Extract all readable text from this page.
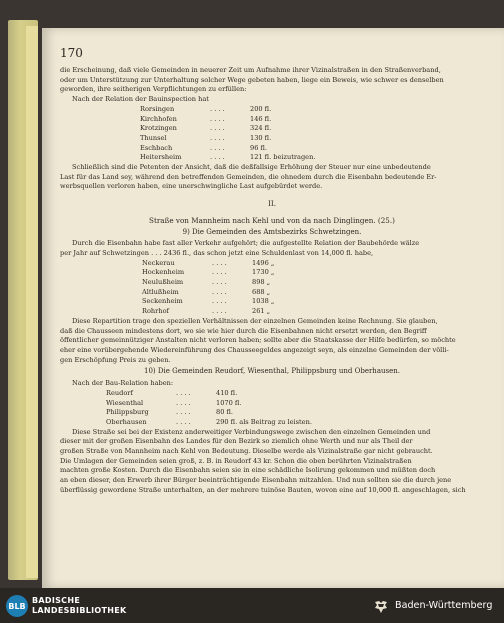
170

die Erscheinung, daß viele Gemeinden in neuerer Zeit um Aufnahme ihrer Vizinalstraßen in den Straßenverband,

oder um Unterstützung zur Unterhaltung solcher Wege gebeten haben, liege ein Beweis, wie schwer es denselben

geworden, ihre seitherigen Verpflichtungen zu erfüllen:

Nach der Relation der Bauinspection hat

Rorsingen	. . . .	200 fl.
Kirchhofen	. . . .	146 fl.
Krotzingen	. . . .	324 fl.
Thunsel	. . . .	130 fl.
Eschbach	. . . .	96 fl.
Heitersheim	. . . .	121 fl. beizutragen.

Schließlich sind die Petenten der Ansicht, daß die deßfallsige Erhöhung der Steuer nur eine unbedeutende

Last für das Land sey, während den betreffenden Gemeinden, die ohnedem durch die Eisenbahn bedeutende Er-

werbsquellen verloren haben, eine unerschwingliche Last aufgebürdet werde.

II.
Straße von Mannheim nach Kehl und von da nach Dinglingen. (25.)
9) Die Gemeinden des Amtsbezirks Schwetzingen.

Durch die Eisenbahn habe fast aller Verkehr aufgehört; die aufgestellte Relation der Baubehörde wälze

per Jahr auf Schwetzingen . . . 2436 fl., das schon jetzt eine Schuldenlast von 14,000 fl. habe,

Neckerau	. . . .	1496 „
Hockenheim	. . . .	1730 „
Neulußheim	. . . .	898 „
Altlußheim	. . . .	688 „
Seckenheim	. . . .	1038 „
Rohrhof	. . . .	261 „

Diese Repartition trage den speziellen Verhältnissen der einzelnen Gemeinden keine Rechnung. Sie glauben,

daß die Chausseen mindestens dort, wo sie wie hier durch die Eisenbahnen nicht ersetzt werden, den Begriff

öffentlicher gemeinnütziger Anstalten nicht verloren haben; sollte aber die Staatskasse der Hilfe bedürfen, so möchte

eher eine vorübergehende Wiedereinführung des Chausseegeldes angezeigt seyn, als einzelne Gemeinden der völli-

gen Erschöpfung Preis zu geben.

10) Die Gemeinden Reudorf, Wiesenthal, Philippsburg und Oberhausen.

Nach der Bau-Relation haben:

Reudorf	. . . .	410 fl.
Wiesenthal	. . . .	1070 fl.
Philippsburg	. . . .	80 fl.
Oberhausen	. . . .	290 fl. als Beitrag zu leisten.

Diese Straße sei bei der Existenz anderweitiger Verbindungswege zwischen den einzelnen Gemeinden und

dieser mit der großen Eisenbahn des Landes für den Bezirk so ziemlich ohne Werth und nur als Theil der

großen Straße von Mannheim nach Kehl von Bedeutung. Dieselbe werde als Vizinalstraße gar nicht gebraucht.

Die Umlagen der Gemeinden seien groß, z. B. in Reudorf 43 kr. Schon die oben berührten Vizinalstraßen

machten große Kosten. Durch die Eisenbahn seien sie in eine schädliche Isolirung gekommen und müßten doch

an eben dieser, den Erwerb ihrer Bürger beeinträchtigende Eisenbahn mitzahlen. Und nun sollten sie die durch jene

überflüssig gewordene Straße unterhalten, an der mehrere tuinöse Bauten, wovon eine auf 10,000 fl. angeschlagen, sich

BLB
BADISCHE
LANDESBIBLIOTHEK	Baden-Württemberg
